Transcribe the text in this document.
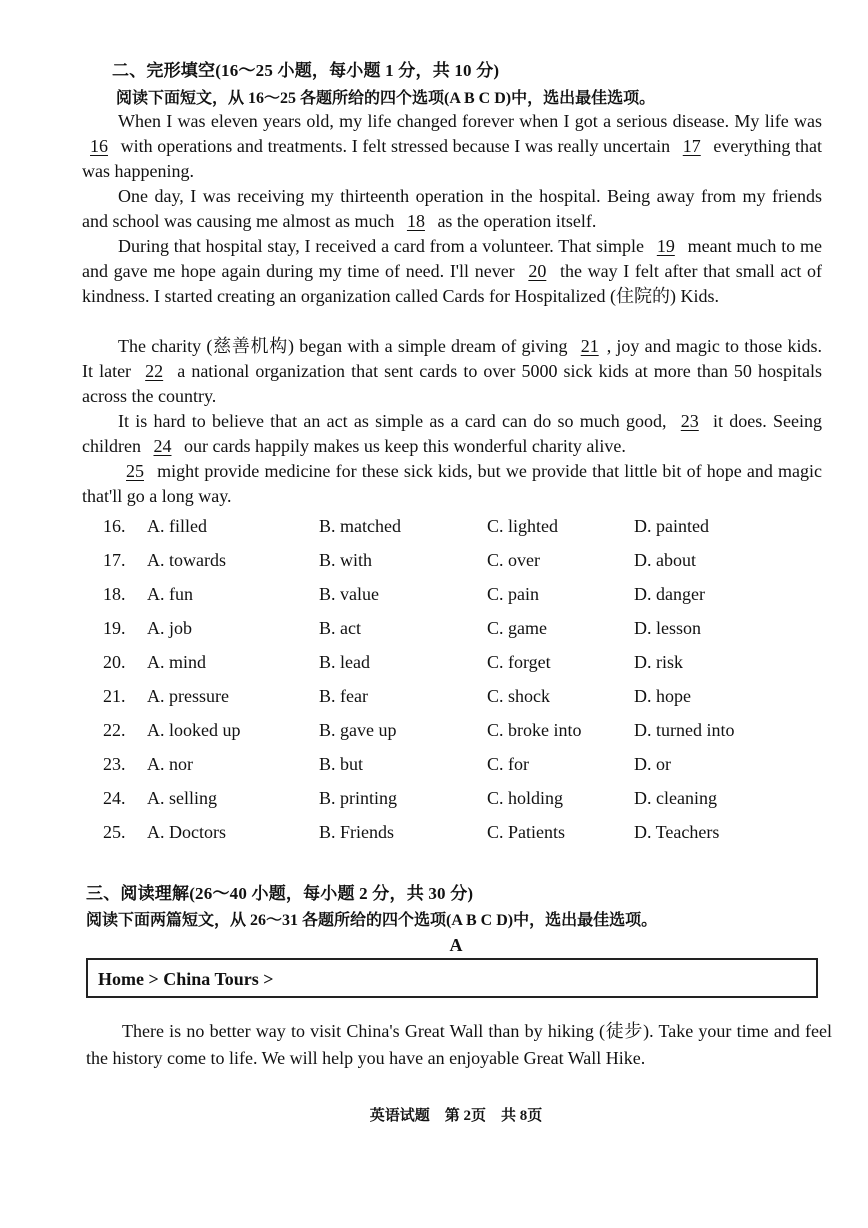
二、完形填空(16～25 小题，每小题 1 分，共 10 分)
阅读下面短文，从 16～25 各题所给的四个选项(A B C D)中，选出最佳选项。

When I was eleven years old, my life changed forever when I got a serious disease. My life was 16 with operations and treatments. I felt stressed because I was really uncertain 17 everything that was happening.

One day, I was receiving my thirteenth operation in the hospital. Being away from my friends and school was causing me almost as much 18 as the operation itself.

During that hospital stay, I received a card from a volunteer. That simple 19 meant much to me and gave me hope again during my time of need. I'll never 20 the way I felt after that small act of kindness. I started creating an organization called Cards for Hospitalized (住院的) Kids.

The charity (慈善机构) began with a simple dream of giving 21 , joy and magic to those kids. It later 22 a national organization that sent cards to over 5000 sick kids at more than 50 hospitals across the country.

It is hard to believe that an act as simple as a card can do so much good, 23 it does. Seeing children 24 our cards happily makes us keep this wonderful charity alive.

25 might provide medicine for these sick kids, but we provide that little bit of hope and magic that'll go a long way.

16. A. filled	B. matched	C. lighted	D. painted
17. A. towards	B. with	C. over	D. about
18. A. fun	B. value	C. pain	D. danger
19. A. job	B. act	C. game	D. lesson
20. A. mind	B. lead	C. forget	D. risk
21. A. pressure	B. fear	C. shock	D. hope
22. A. looked up	B. gave up	C. broke into	D. turned into
23. A. nor	B. but	C. for	D. or
24. A. selling	B. printing	C. holding	D. cleaning
25. A. Doctors	B. Friends	C. Patients	D. Teachers
三、阅读理解(26～40 小题，每小题 2 分，共 30 分)
阅读下面两篇短文，从 26～31 各题所给的四个选项(A B C D)中，选出最佳选项。
A
Home > China Tours >

There is no better way to visit China's Great Wall than by hiking (徒步). Take your time and feel the history come to life. We will help you have an enjoyable Great Wall Hike.

英语试题　第 2页　共 8页
